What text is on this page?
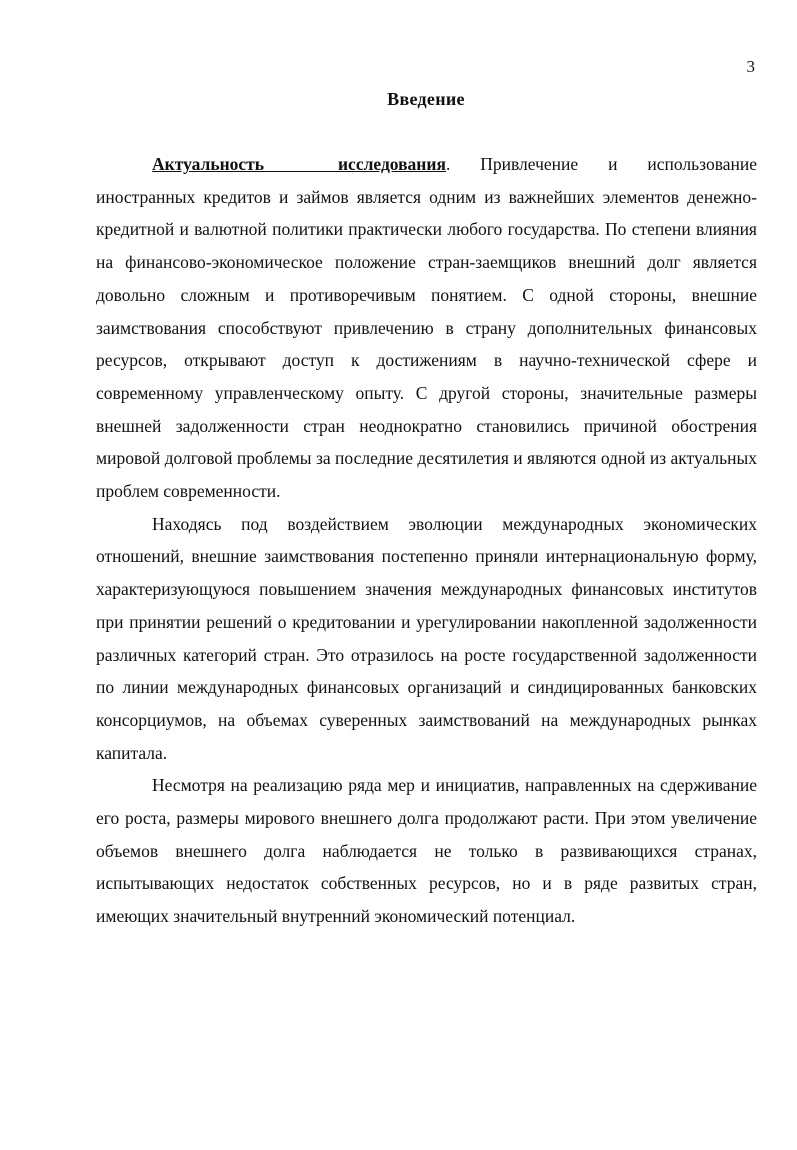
3
Введение

Актуальность исследования. Привлечение и использование иностранных кредитов и займов является одним из важнейших элементов денежно-кредитной и валютной политики практически любого государства. По степени влияния на финансово-экономическое положение стран-заемщиков внешний долг является довольно сложным и противоречивым понятием. С одной стороны, внешние заимствования способствуют привлечению в страну дополнительных финансовых ресурсов, открывают доступ к достижениям в научно-технической сфере и современному управленческому опыту. С другой стороны, значительные размеры внешней задолженности стран неоднократно становились причиной обострения мировой долговой проблемы за последние десятилетия и являются одной из актуальных проблем современности.

Находясь под воздействием эволюции международных экономических отношений, внешние заимствования постепенно приняли интернациональную форму, характеризующуюся повышением значения международных финансовых институтов при принятии решений о кредитовании и урегулировании накопленной задолженности различных категорий стран. Это отразилось на росте государственной задолженности по линии международных финансовых организаций и синдицированных банковских консорциумов, на объемах суверенных заимствований на международных рынках капитала.

Несмотря на реализацию ряда мер и инициатив, направленных на сдерживание его роста, размеры мирового внешнего долга продолжают расти. При этом увеличение объемов внешнего долга наблюдается не только в развивающихся странах, испытывающих недостаток собственных ресурсов, но и в ряде развитых стран, имеющих значительный внутренний экономический потенциал.
